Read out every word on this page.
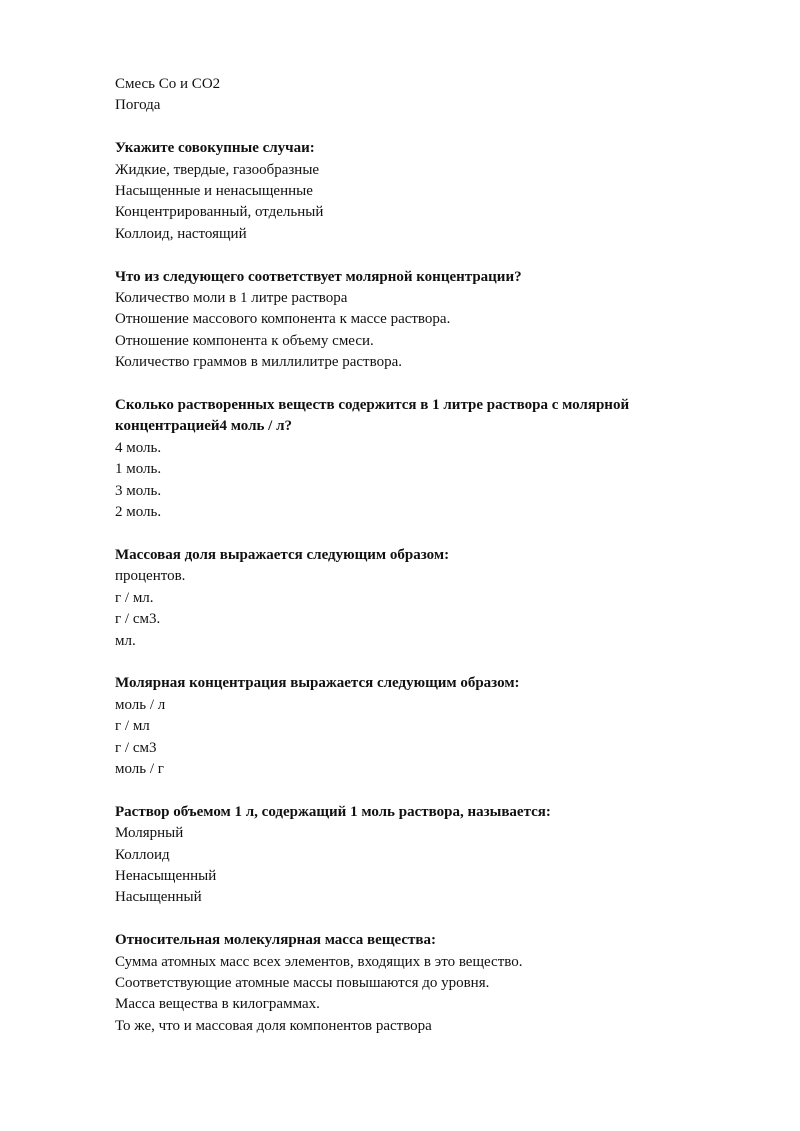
Смесь Со и СО2
Погода
Укажите совокупные случаи:
Жидкие, твердые, газообразные
Насыщенные и ненасыщенные
Концентрированный, отдельный
Коллоид, настоящий
Что из следующего соответствует молярной концентрации?
Количество моли в 1 литре раствора
Отношение массового компонента к массе раствора.
Отношение компонента к объему смеси.
Количество граммов в миллилитре раствора.
Сколько растворенных веществ содержится в 1 литре раствора с молярной концентрацией4 моль / л?
4 моль.
1 моль.
3 моль.
2 моль.
Массовая доля выражается следующим образом:
процентов.
г / мл.
г / см3.
мл.
Молярная концентрация выражается следующим образом:
моль / л
г / мл
г / см3
моль / г
Раствор объемом 1 л, содержащий 1 моль раствора, называется:
Молярный
Коллоид
Ненасыщенный
Насыщенный
Относительная молекулярная масса вещества:
Сумма атомных масс всех элементов, входящих в это вещество.
Соответствующие атомные массы повышаются до уровня.
Масса вещества в килограммах.
То же, что и массовая доля компонентов раствора
